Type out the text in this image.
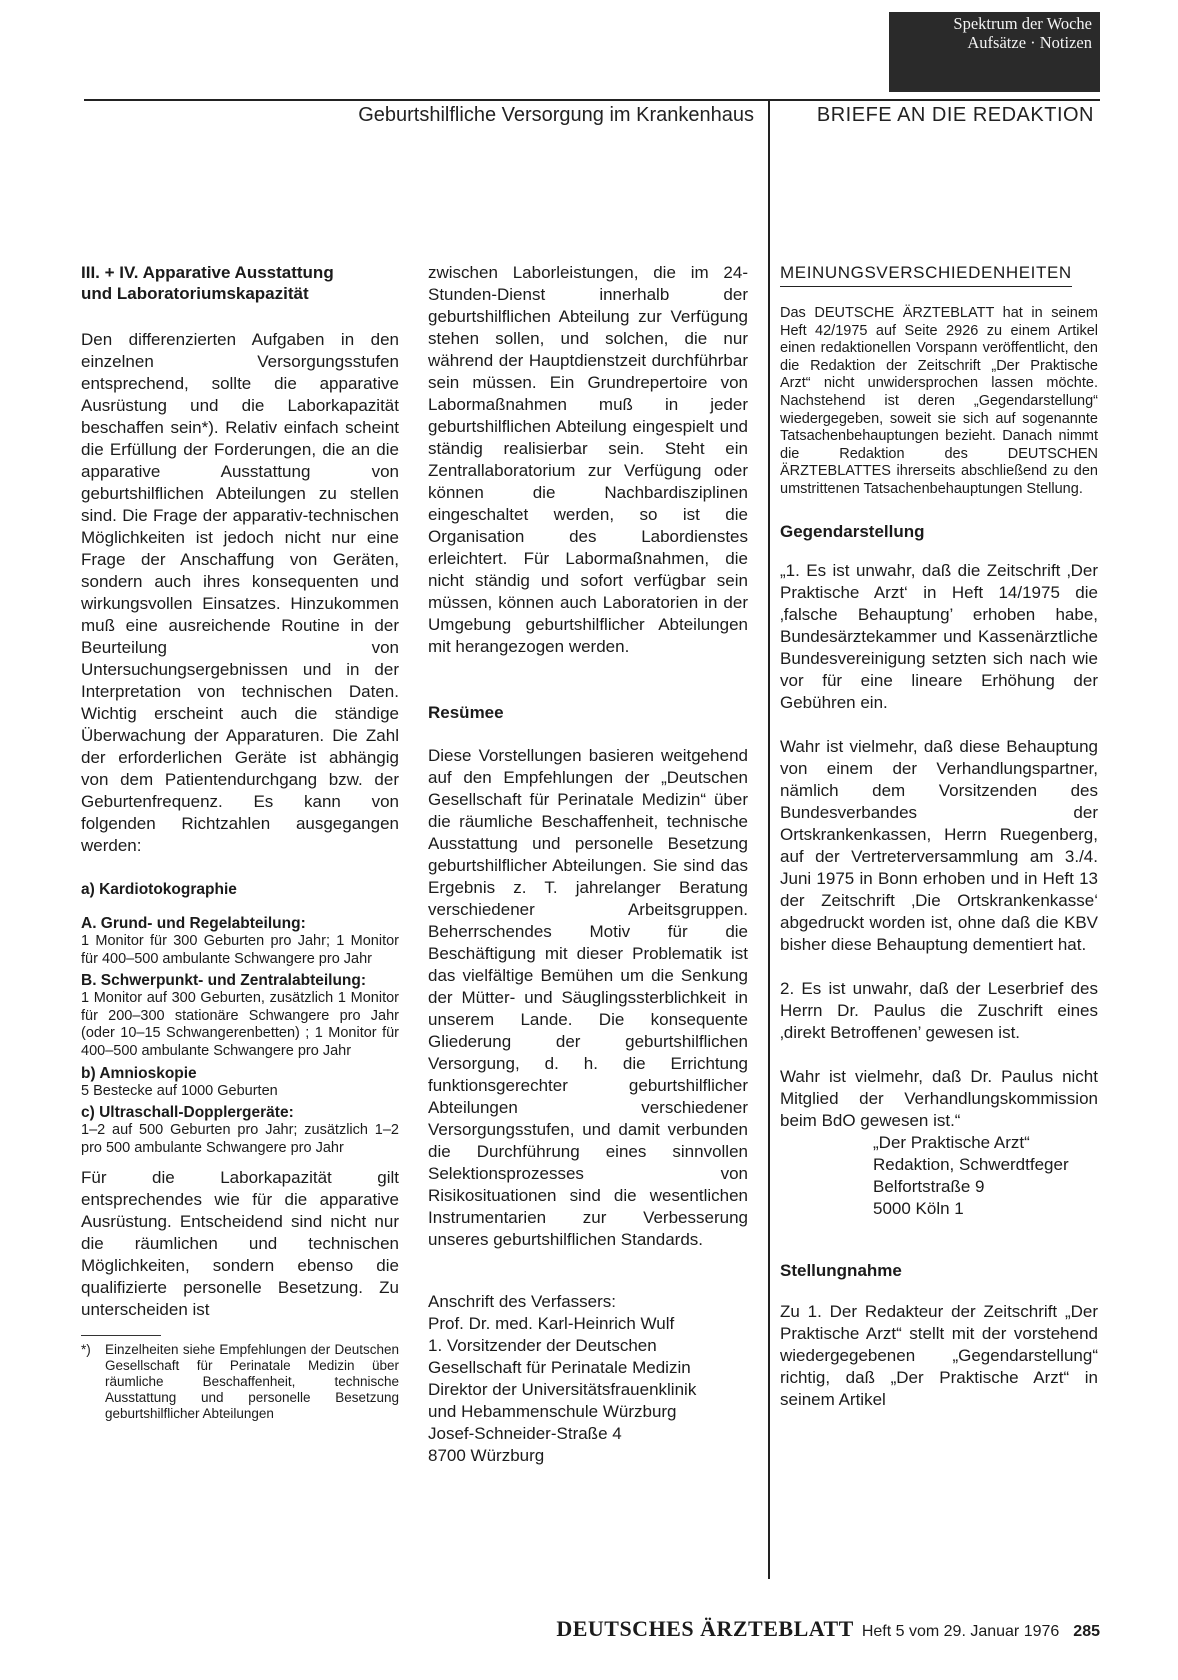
Spektrum der Woche
Aufsätze · Notizen
Geburtshilfliche Versorgung im Krankenhaus	BRIEFE AN DIE REDAKTION

III. + IV. Apparative Ausstattung

und Laboratoriumskapazität

Den differenzierten Aufgaben in den einzelnen Versorgungsstufen entsprechend, sollte die apparative Ausrüstung und die Laborkapazität beschaffen sein*). Relativ einfach scheint die Erfüllung der Forderungen, die an die apparative Ausstattung von geburtshilflichen Abteilungen zu stellen sind. Die Frage der apparativ-technischen Möglichkeiten ist jedoch nicht nur eine Frage der Anschaffung von Geräten, sondern auch ihres konsequenten und wirkungsvollen Einsatzes. Hinzukommen muß eine ausreichende Routine in der Beurteilung von Untersuchungsergebnissen und in der Interpretation von technischen Daten. Wichtig erscheint auch die ständige Überwachung der Apparaturen. Die Zahl der erforderlichen Geräte ist abhängig von dem Patientendurchgang bzw. der Geburtenfrequenz. Es kann von folgenden Richtzahlen ausgegangen werden:

a) Kardiotokographie

A. Grund- und Regelabteilung:

1 Monitor für 300 Geburten pro Jahr; 1 Monitor für 400–500 ambulante Schwangere pro Jahr

B. Schwerpunkt- und Zentralabteilung:

1 Monitor auf 300 Geburten, zusätzlich 1 Monitor für 200–300 stationäre Schwangere pro Jahr (oder 10–15 Schwangerenbetten) ; 1 Monitor für 400–500 ambulante Schwangere pro Jahr

b) Amnioskopie

5 Bestecke auf 1000 Geburten

c) Ultraschall-Dopplergeräte:

1–2 auf 500 Geburten pro Jahr; zusätzlich 1–2 pro 500 ambulante Schwangere pro Jahr

Für die Laborkapazität gilt entsprechendes wie für die apparative Ausrüstung. Entscheidend sind nicht nur die räumlichen und technischen Möglichkeiten, sondern ebenso die qualifizierte personelle Besetzung. Zu unterscheiden ist

*)	Einzelheiten siehe Empfehlungen der Deutschen Gesellschaft für Perinatale Medizin über räumliche Beschaffenheit, technische Ausstattung und personelle Besetzung geburtshilflicher Abteilungen

zwischen Laborleistungen, die im 24-Stunden-Dienst innerhalb der geburtshilflichen Abteilung zur Verfügung stehen sollen, und solchen, die nur während der Hauptdienstzeit durchführbar sein müssen. Ein Grundrepertoire von Labormaßnahmen muß in jeder geburtshilflichen Abteilung eingespielt und ständig realisierbar sein. Steht ein Zentrallaboratorium zur Verfügung oder können die Nachbardisziplinen eingeschaltet werden, so ist die Organisation des Labordienstes erleichtert. Für Labormaßnahmen, die nicht ständig und sofort verfügbar sein müssen, können auch Laboratorien in der Umgebung geburtshilflicher Abteilungen mit herangezogen werden.

Resümee

Diese Vorstellungen basieren weitgehend auf den Empfehlungen der „Deutschen Gesellschaft für Perinatale Medizin“ über die räumliche Beschaffenheit, technische Ausstattung und personelle Besetzung geburtshilflicher Abteilungen. Sie sind das Ergebnis z. T. jahrelanger Beratung verschiedener Arbeitsgruppen. Beherrschendes Motiv für die Beschäftigung mit dieser Problematik ist das vielfältige Bemühen um die Senkung der Mütter- und Säuglingssterblichkeit in unserem Lande. Die konsequente Gliederung der geburtshilflichen Versorgung, d. h. die Errichtung funktionsgerechter geburtshilflicher Abteilungen verschiedener Versorgungsstufen, und damit verbunden die Durchführung eines sinnvollen Selektionsprozesses von Risikosituationen sind die wesentlichen Instrumentarien zur Verbesserung unseres geburtshilflichen Standards.

Anschrift des Verfassers:

Prof. Dr. med. Karl-Heinrich Wulf

1. Vorsitzender der Deutschen

Gesellschaft für Perinatale Medizin

Direktor der Universitätsfrauenklinik

und Hebammenschule Würzburg

Josef-Schneider-Straße 4

8700 Würzburg

MEINUNGSVERSCHIEDENHEITEN

Das DEUTSCHE ÄRZTEBLATT hat in seinem Heft 42/1975 auf Seite 2926 zu einem Artikel einen redaktionellen Vorspann veröffentlicht, den die Redaktion der Zeitschrift „Der Praktische Arzt“ nicht unwidersprochen lassen möchte. Nachstehend ist deren „Gegendarstellung“ wiedergegeben, soweit sie sich auf sogenannte Tatsachenbehauptungen bezieht. Danach nimmt die Redaktion des DEUTSCHEN ÄRZTEBLATTES ihrerseits abschließend zu den umstrittenen Tatsachenbehauptungen Stellung.

Gegendarstellung

„1. Es ist unwahr, daß die Zeitschrift ‚Der Praktische Arzt‘ in Heft 14/1975 die ‚falsche Behauptung’ erhoben habe, Bundesärztekammer und Kassenärztliche Bundesvereinigung setzten sich nach wie vor für eine lineare Erhöhung der Gebühren ein.

Wahr ist vielmehr, daß diese Behauptung von einem der Verhandlungspartner, nämlich dem Vorsitzenden des Bundesverbandes der Ortskrankenkassen, Herrn Ruegenberg, auf der Vertreterversammlung am 3./4. Juni 1975 in Bonn erhoben und in Heft 13 der Zeitschrift ‚Die Ortskrankenkasse‘ abgedruckt worden ist, ohne daß die KBV bisher diese Behauptung dementiert hat.

2. Es ist unwahr, daß der Leserbrief des Herrn Dr. Paulus die Zuschrift eines ‚direkt Betroffenen’ gewesen ist.

Wahr ist vielmehr, daß Dr. Paulus nicht Mitglied der Verhandlungskommission beim BdO gewesen ist.“

„Der Praktische Arzt“

Redaktion, Schwerdtfeger

Belfortstraße 9

5000 Köln 1

Stellungnahme

Zu 1. Der Redakteur der Zeitschrift „Der Praktische Arzt“ stellt mit der vorstehend wiedergegebenen „Gegendarstellung“ richtig, daß „Der Praktische Arzt“ in seinem Artikel

DEUTSCHES ÄRZTEBLATT Heft 5 vom 29. Januar 1976 285
